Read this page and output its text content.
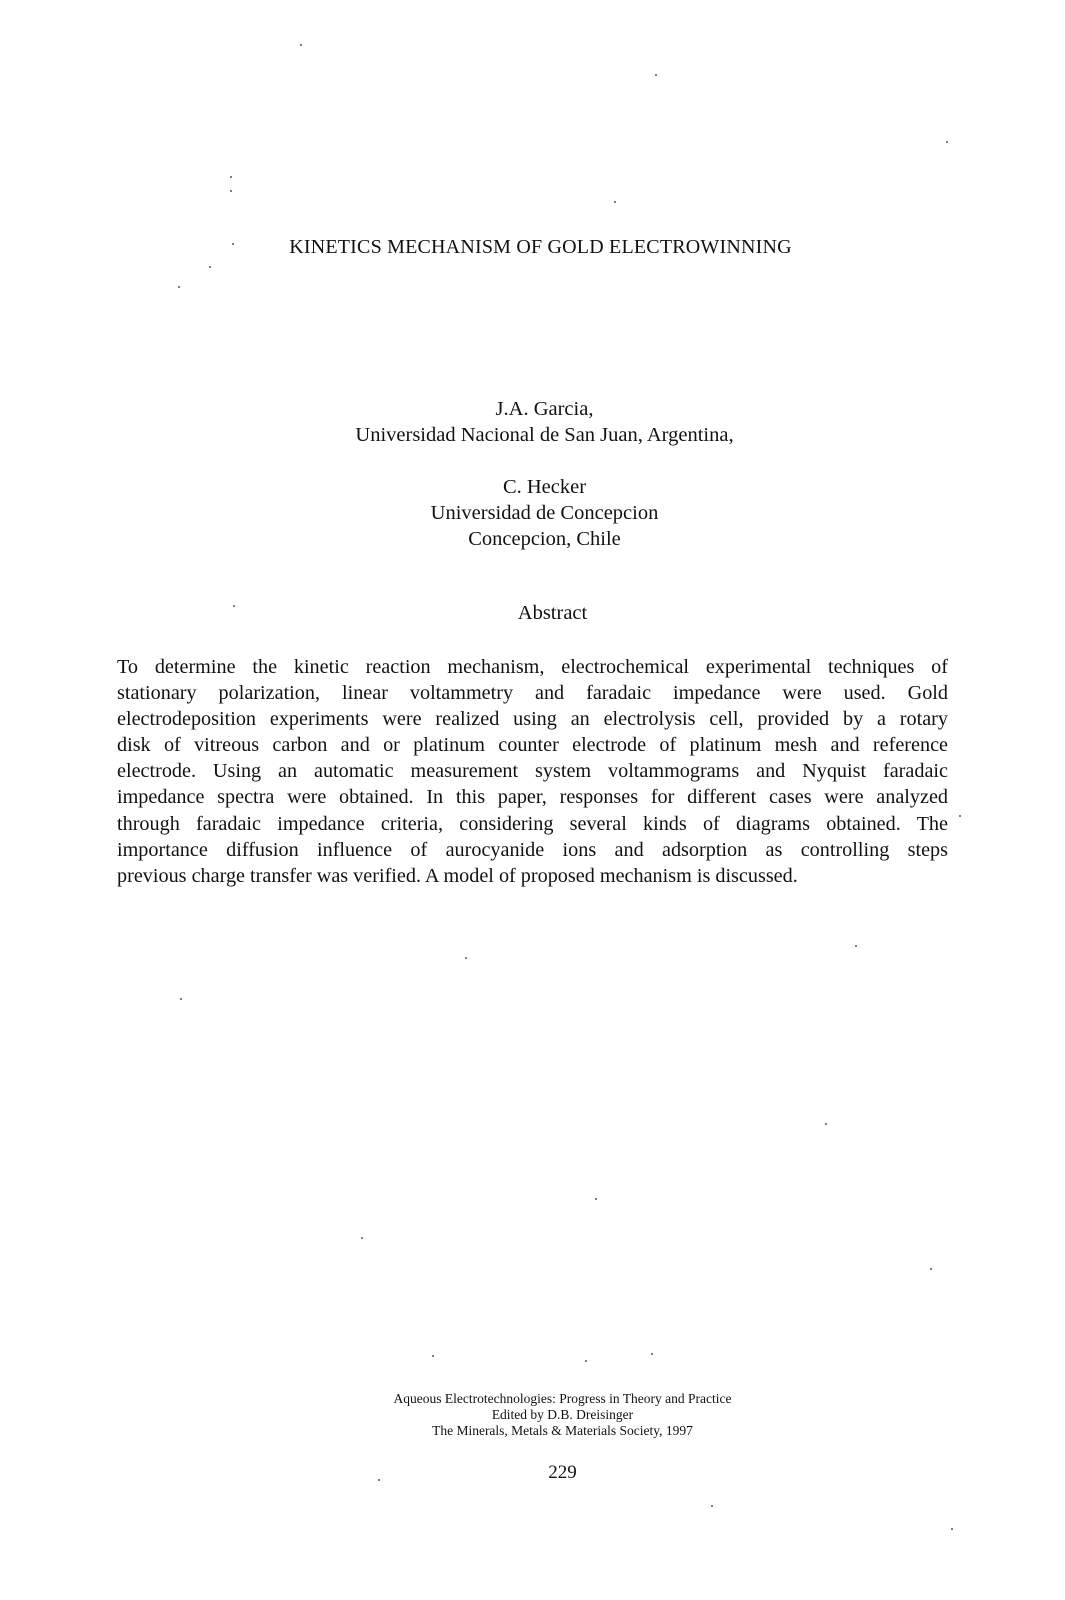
KINETICS MECHANISM OF GOLD ELECTROWINNING
J.A. Garcia,
Universidad Nacional de San Juan, Argentina,
C. Hecker
Universidad de Concepcion
Concepcion, Chile
Abstract
To determine the kinetic reaction mechanism, electrochemical experimental techniques of
stationary polarization, linear voltammetry and faradaic impedance were used. Gold
electrodeposition experiments were realized using an electrolysis cell, provided by a rotary
disk of vitreous carbon and or platinum counter electrode of platinum mesh and reference
electrode. Using an automatic measurement system voltammograms and Nyquist faradaic
impedance spectra were obtained. In this paper, responses for different cases were analyzed
through faradaic impedance criteria, considering several kinds of diagrams obtained. The
importance diffusion influence of aurocyanide ions and adsorption as controlling steps
previous charge transfer was verified. A model of proposed mechanism is discussed.
Aqueous Electrotechnologies: Progress in Theory and Practice
Edited by D.B. Dreisinger
The Minerals, Metals & Materials Society, 1997
229
